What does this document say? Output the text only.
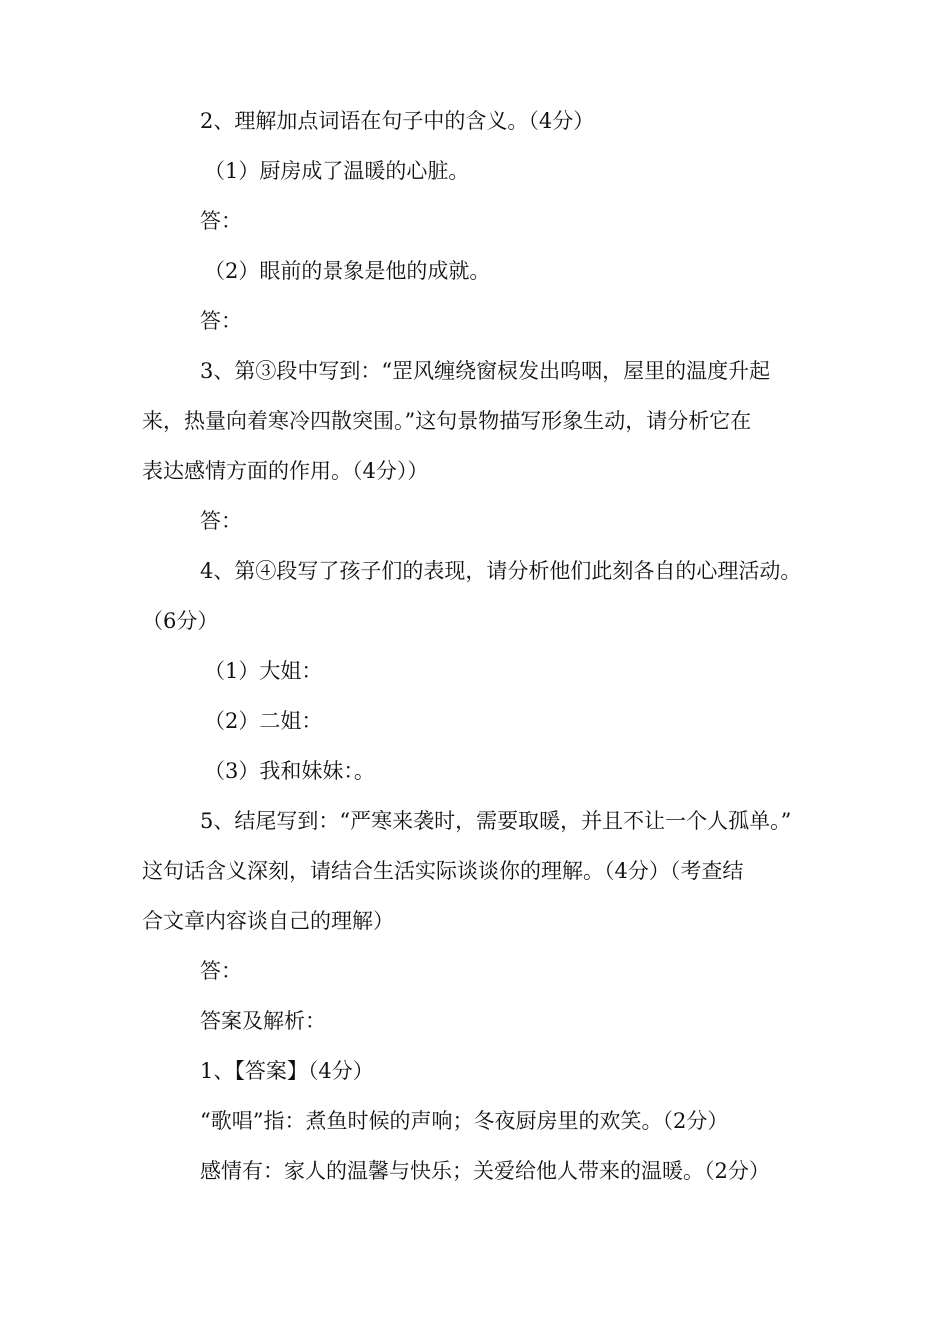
2、理解加点词语在句子中的含义。（4分）

（1）厨房成了温暖的心脏。

答：

（2）眼前的景象是他的成就。

答：

3、第③段中写到：“罡风缠绕窗棂发出呜咽，屋里的温度升起

来，热量向着寒冷四散突围。”这句景物描写形象生动，请分析它在

表达感情方面的作用。（4分））

答：

4、第④段写了孩子们的表现，请分析他们此刻各自的心理活动。

（6分）

（1）大姐：

（2）二姐：

（3）我和妹妹：。

5、结尾写到：“严寒来袭时，需要取暖，并且不让一个人孤单。”

这句话含义深刻，请结合生活实际谈谈你的理解。（4分）（考查结

合文章内容谈自己的理解）

答：

答案及解析：

1、【答案】（4分）

“歌唱”指：煮鱼时候的声响；冬夜厨房里的欢笑。（2分）

感情有：家人的温馨与快乐；关爱给他人带来的温暖。（2分）
